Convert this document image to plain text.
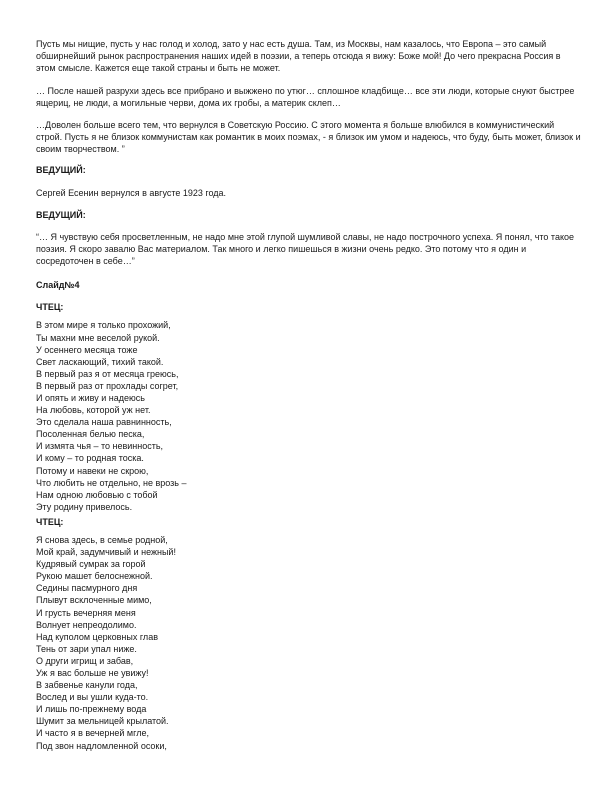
Пусть мы нищие, пусть у нас голод и холод, зато у нас есть душа. Там, из Москвы, нам казалось, что Европа – это самый обширнейший рынок распространения наших идей в поэзии, а теперь отсюда я вижу: Боже мой! До чего прекрасна Россия в этом смысле. Кажется еще такой страны и быть не может.

… После нашей разрухи здесь все прибрано и выжжено по утюг… сплошное кладбище… все эти люди, которые снуют быстрее ящериц, не люди, а могильные черви, дома их гробы, а материк склеп…

…Доволен больше всего тем, что вернулся в Советскую Россию. С этого момента я больше влюбился в коммунистический строй. Пусть я не близок коммунистам как романтик в моих поэмах, - я близок им умом и надеюсь, что буду, быть может, близок и своим творчеством. ”

ВЕДУЩИЙ:

Сергей Есенин вернулся в августе 1923 года.

ВЕДУЩИЙ:

“… Я чувствую себя просветленным, не надо мне этой глупой шумливой славы, не надо построчного успеха. Я понял, что такое поэзия. Я скоро завалю Вас материалом. Так много и легко пишешься в жизни очень редко. Это потому что я один и сосредоточен в себе…”

Слайд№4

ЧТЕЦ:

В этом мире я только прохожий,
Ты махни мне веселой рукой.
У осеннего месяца тоже
Свет ласкающий, тихий такой.
В первый раз я от месяца греюсь,
В первый раз от прохлады согрет,
И опять и живу и надеюсь
На любовь, которой уж нет.
Это сделала наша равнинность,
Посоленная белью песка,
И измята чья – то невинность,
И кому – то родная тоска.
Потому и навеки не скрою,
Что любить не отдельно, не врозь –
Нам одною любовью с тобой
Эту родину привелось.

ЧТЕЦ:

Я снова здесь, в семье родной,
Мой край, задумчивый и нежный!
Кудрявый сумрак за горой
Рукою машет белоснежной.
Седины пасмурного дня
Плывут всклоченные мимо,
И грусть вечерняя меня
Волнует непреодолимо.
Над куполом церковных глав
Тень от зари упал ниже.
О други игрищ и забав,
Уж я вас больше не увижу!
В забвенье канули года,
Вослед и вы ушли куда-то.
И лишь по-прежнему вода
Шумит за мельницей крылатой.
И часто я в вечерней мгле,
Под звон надломленной осоки,
